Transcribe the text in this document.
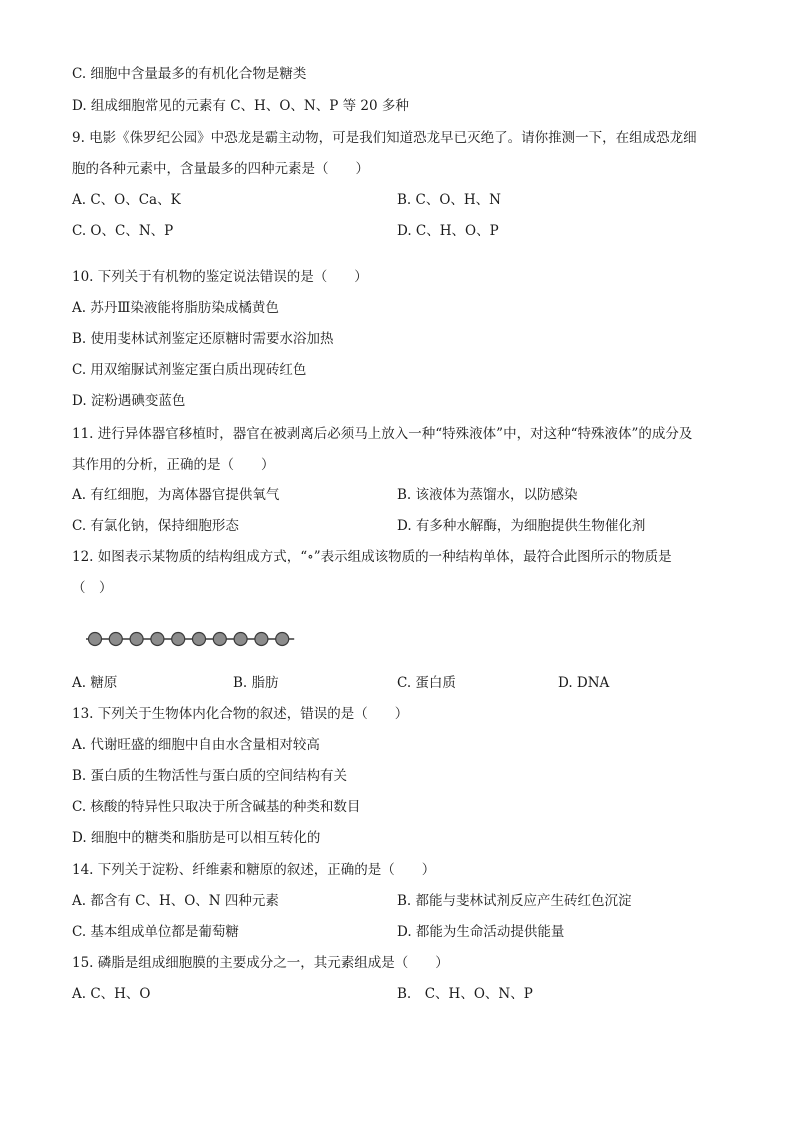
C. 细胞中含量最多的有机化合物是糖类
D. 组成细胞常见的元素有 C、H、O、N、P 等 20 多种
9. 电影《侏罗纪公园》中恐龙是霸主动物，可是我们知道恐龙早已灭绝了。请你推测一下，在组成恐龙细
胞的各种元素中，含量最多的四种元素是（　　）
A. C、O、Ca、K	B. C、O、H、N
C. O、C、N、P	D. C、H、O、P
10. 下列关于有机物的鉴定说法错误的是（　　）
A. 苏丹Ⅲ染液能将脂肪染成橘黄色
B. 使用斐林试剂鉴定还原糖时需要水浴加热
C. 用双缩脲试剂鉴定蛋白质出现砖红色
D. 淀粉遇碘变蓝色
11. 进行异体器官移植时，器官在被剥离后必须马上放入一种“特殊液体”中，对这种“特殊液体”的成分及
其作用的分析，正确的是（　　）
A. 有红细胞，为离体器官提供氧气	B. 该液体为蒸馏水，以防感染
C. 有氯化钠，保持细胞形态	D. 有多种水解酶，为细胞提供生物催化剂
12. 如图表示某物质的结构组成方式，“∘”表示组成该物质的一种结构单体，最符合此图所示的物质是
（　）
A. 糖原	B. 脂肪	C. 蛋白质	D. DNA
13. 下列关于生物体内化合物的叙述，错误的是（　　）
A. 代谢旺盛的细胞中自由水含量相对较高
B. 蛋白质的生物活性与蛋白质的空间结构有关
C. 核酸的特异性只取决于所含碱基的种类和数目
D. 细胞中的糖类和脂肪是可以相互转化的
14. 下列关于淀粉、纤维素和糖原的叙述，正确的是（　　）
A. 都含有 C、H、O、N 四种元素	B. 都能与斐林试剂反应产生砖红色沉淀
C. 基本组成单位都是葡萄糖	D. 都能为生命活动提供能量
15. 磷脂是组成细胞膜的主要成分之一，其元素组成是（　　）
A. C、H、O	B.　C、H、O、N、P
